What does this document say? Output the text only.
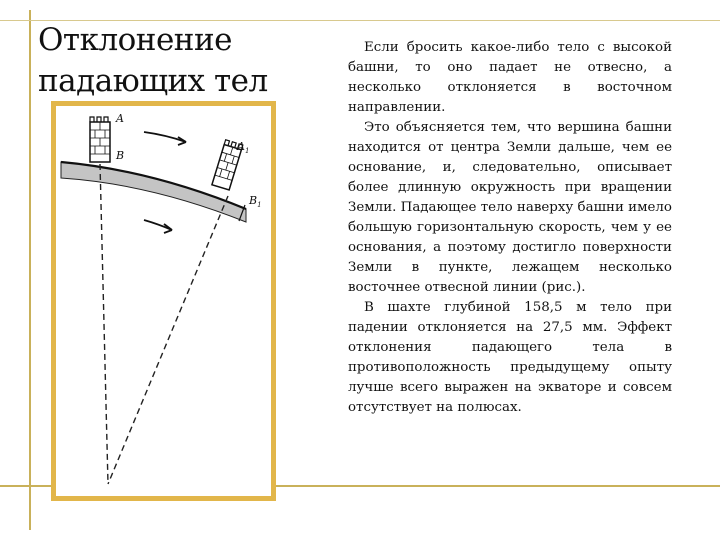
Отклонение
падающих тел
A
B
$A_1$
$B_1$

Если бросить какое-либо тело с высокой башни, то оно падает не отвесно, а несколько отклоняется в восточном направлении.

Это объясняется тем, что вершина башни находится от центра Земли дальше, чем ее основание, и, следовательно, описывает более длинную окружность при вращении Земли. Падающее тело наверху башни имело большую горизонтальную скорость, чем у ее основания, а поэтому достигло поверхности Земли в пункте, лежащем несколько восточнее отвесной линии (рис.).

В шахте глубиной 158,5 м тело при падении отклоняется на 27,5 мм. Эффект отклонения падающего тела в противоположность предыдущему опыту лучше всего выражен на экваторе и совсем отсутствует на полюсах.
